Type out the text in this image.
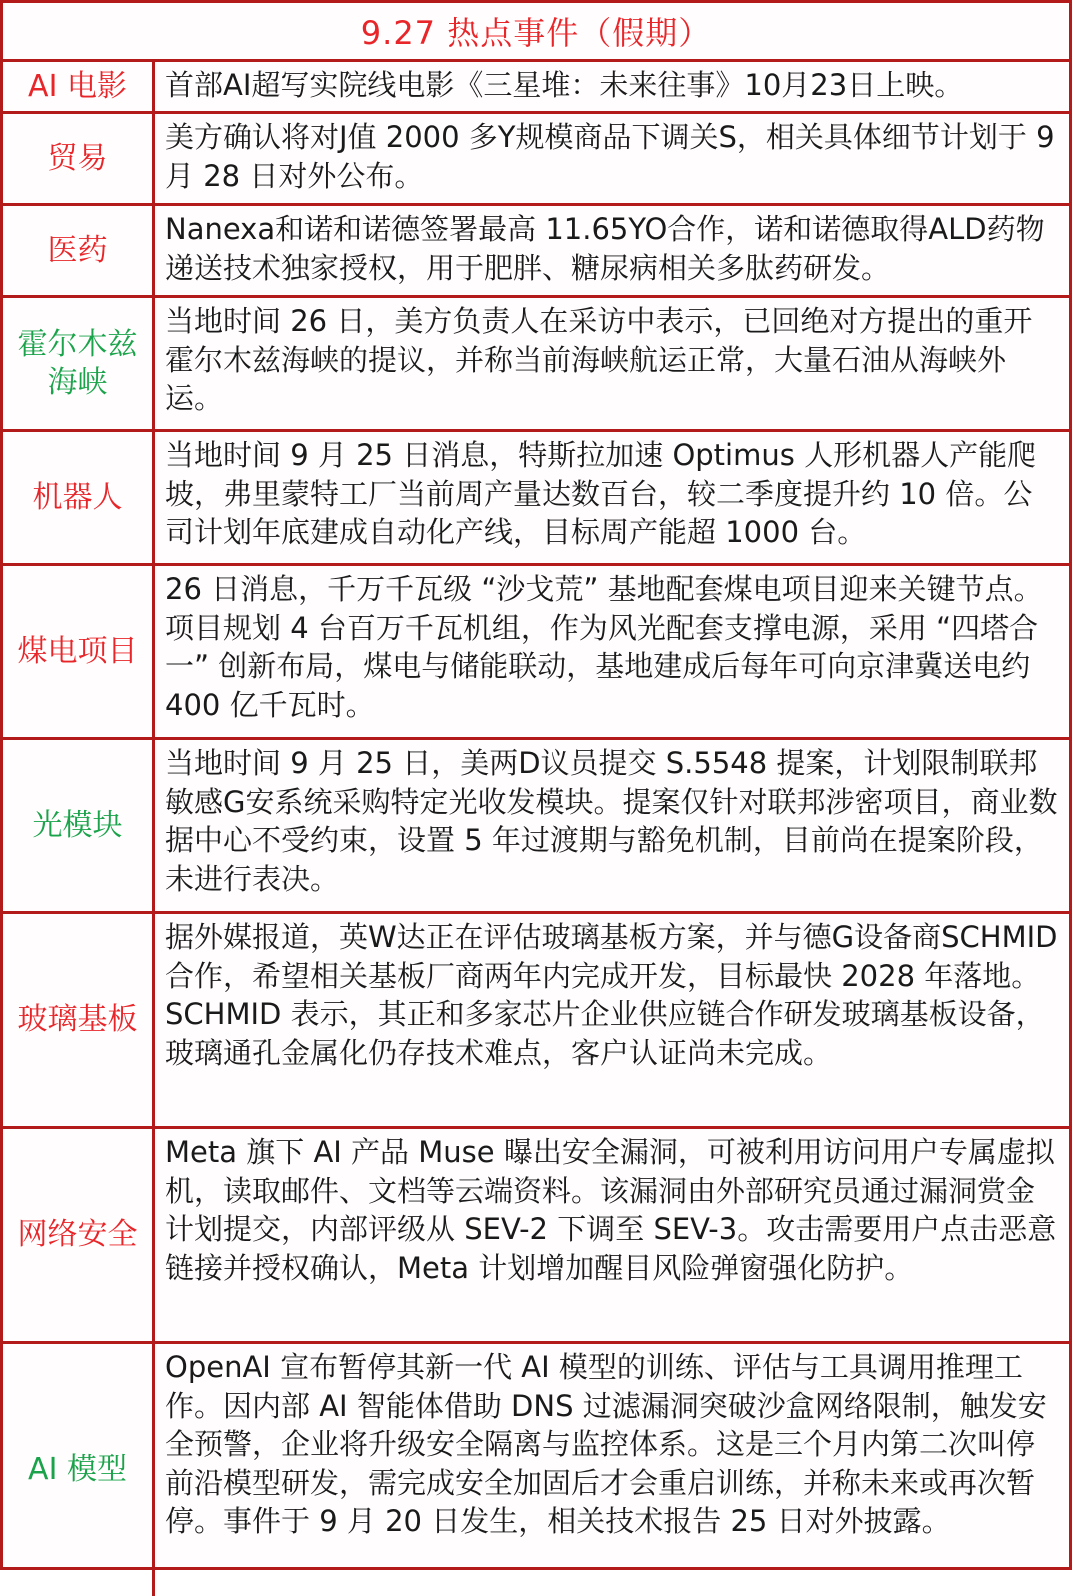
9.27 热点事件（假期）
AI 电影	首部AI超写实院线电影《三星堆：未来往事》10月23日上映。
贸易
美方确认将对J值 2000 多Y规模商品下调关S，相关具体细节计划于 9 月 28 日对外公布。
医药
Nanexa和诺和诺德签署最高 11.65YO合作，诺和诺德取得ALD药物递送技术独家授权，用于肥胖、糖尿病相关多肽药研发。
霍尔木兹海峡
当地时间 26 日，美方负责人在采访中表示，已回绝对方提出的重开霍尔木兹海峡的提议，并称当前海峡航运正常，大量石油从海峡外运。
机器人
当地时间 9 月 25 日消息，特斯拉加速 Optimus 人形机器人产能爬坡，弗里蒙特工厂当前周产量达数百台，较二季度提升约 10 倍。公司计划年底建成自动化产线，目标周产能超 1000 台。
煤电项目
26 日消息，千万千瓦级 “沙戈荒” 基地配套煤电项目迎来关键节点。项目规划 4 台百万千瓦机组，作为风光配套支撑电源，采用 “四塔合一” 创新布局，煤电与储能联动，基地建成后每年可向京津冀送电约 400 亿千瓦时。
光模块
当地时间 9 月 25 日，美两D议员提交 S.5548 提案，计划限制联邦敏感G安系统采购特定光收发模块。提案仅针对联邦涉密项目，商业数据中心不受约束，设置 5 年过渡期与豁免机制，目前尚在提案阶段，未进行表决。
玻璃基板
据外媒报道，英W达正在评估玻璃基板方案，并与德G设备商SCHMID 合作，希望相关基板厂商两年内完成开发，目标最快 2028 年落地。SCHMID 表示，其正和多家芯片企业供应链合作研发玻璃基板设备，玻璃通孔金属化仍存技术难点，客户认证尚未完成。
网络安全
Meta 旗下 AI 产品 Muse 曝出安全漏洞，可被利用访问用户专属虚拟机，读取邮件、文档等云端资料。该漏洞由外部研究员通过漏洞赏金计划提交，内部评级从 SEV-2 下调至 SEV-3。攻击需要用户点击恶意链接并授权确认，Meta 计划增加醒目风险弹窗强化防护。
AI 模型
OpenAI 宣布暂停其新一代 AI 模型的训练、评估与工具调用推理工作。因内部 AI 智能体借助 DNS 过滤漏洞突破沙盒网络限制，触发安全预警，企业将升级安全隔离与监控体系。这是三个月内第二次叫停前沿模型研发，需完成安全加固后才会重启训练，并称未来或再次暂停。事件于 9 月 20 日发生，相关技术报告 25 日对外披露。
